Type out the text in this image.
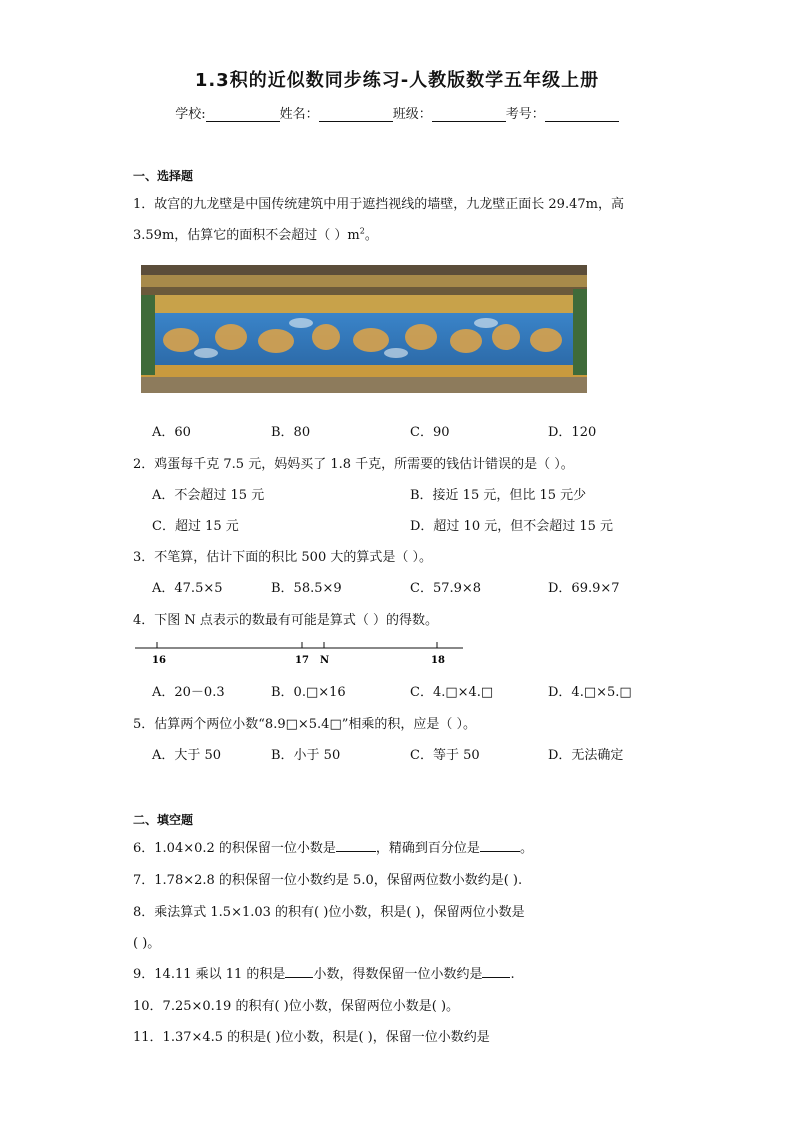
1.3积的近似数同步练习-人教版数学五年级上册
学校:	姓名：	班级：	考号：
一、选择题
1．故宫的九龙壁是中国传统建筑中用于遮挡视线的墙壁，九龙壁正面长 29.47m，高
3.59m，估算它的面积不会超过（ ）$m^2$。
A．60	B．80	C．90	D．120
2．鸡蛋每千克 7.5 元，妈妈买了 1.8 千克，所需要的钱估计错误的是（ ）。
A．不会超过 15 元	B．接近 15 元，但比 15 元少
C．超过 15 元	D．超过 10 元，但不会超过 15 元
3．不笔算，估计下面的积比 500 大的算式是（ ）。
A．47.5×5	B．58.5×9	C．57.9×8	D．69.9×7
4．下图 N 点表示的数最有可能是算式（ ）的得数。
16	17 N	18
A．20－0.3	B．0.□×16	C．4.□×4.□	D．4.□×5.□
5．估算两个两位小数“8.9□×5.4□”相乘的积，应是（ ）。
A．大于 50	B．小于 50	C．等于 50	D．无法确定
二、填空题
6．1.04×0.2 的积保留一位小数是	，精确到百分位是	。
7．1.78×2.8 的积保留一位小数约是 5.0，保留两位数小数约是( ).
8．乘法算式 1.5×1.03 的积有( )位小数，积是( )，保留两位小数是
( )。
9．14.11 乘以 11 的积是 小数，得数保留一位小数约是 .
10．7.25×0.19 的积有( )位小数，保留两位小数是( )。
11．1.37×4.5 的积是( )位小数，积是( )，保留一位小数约是
